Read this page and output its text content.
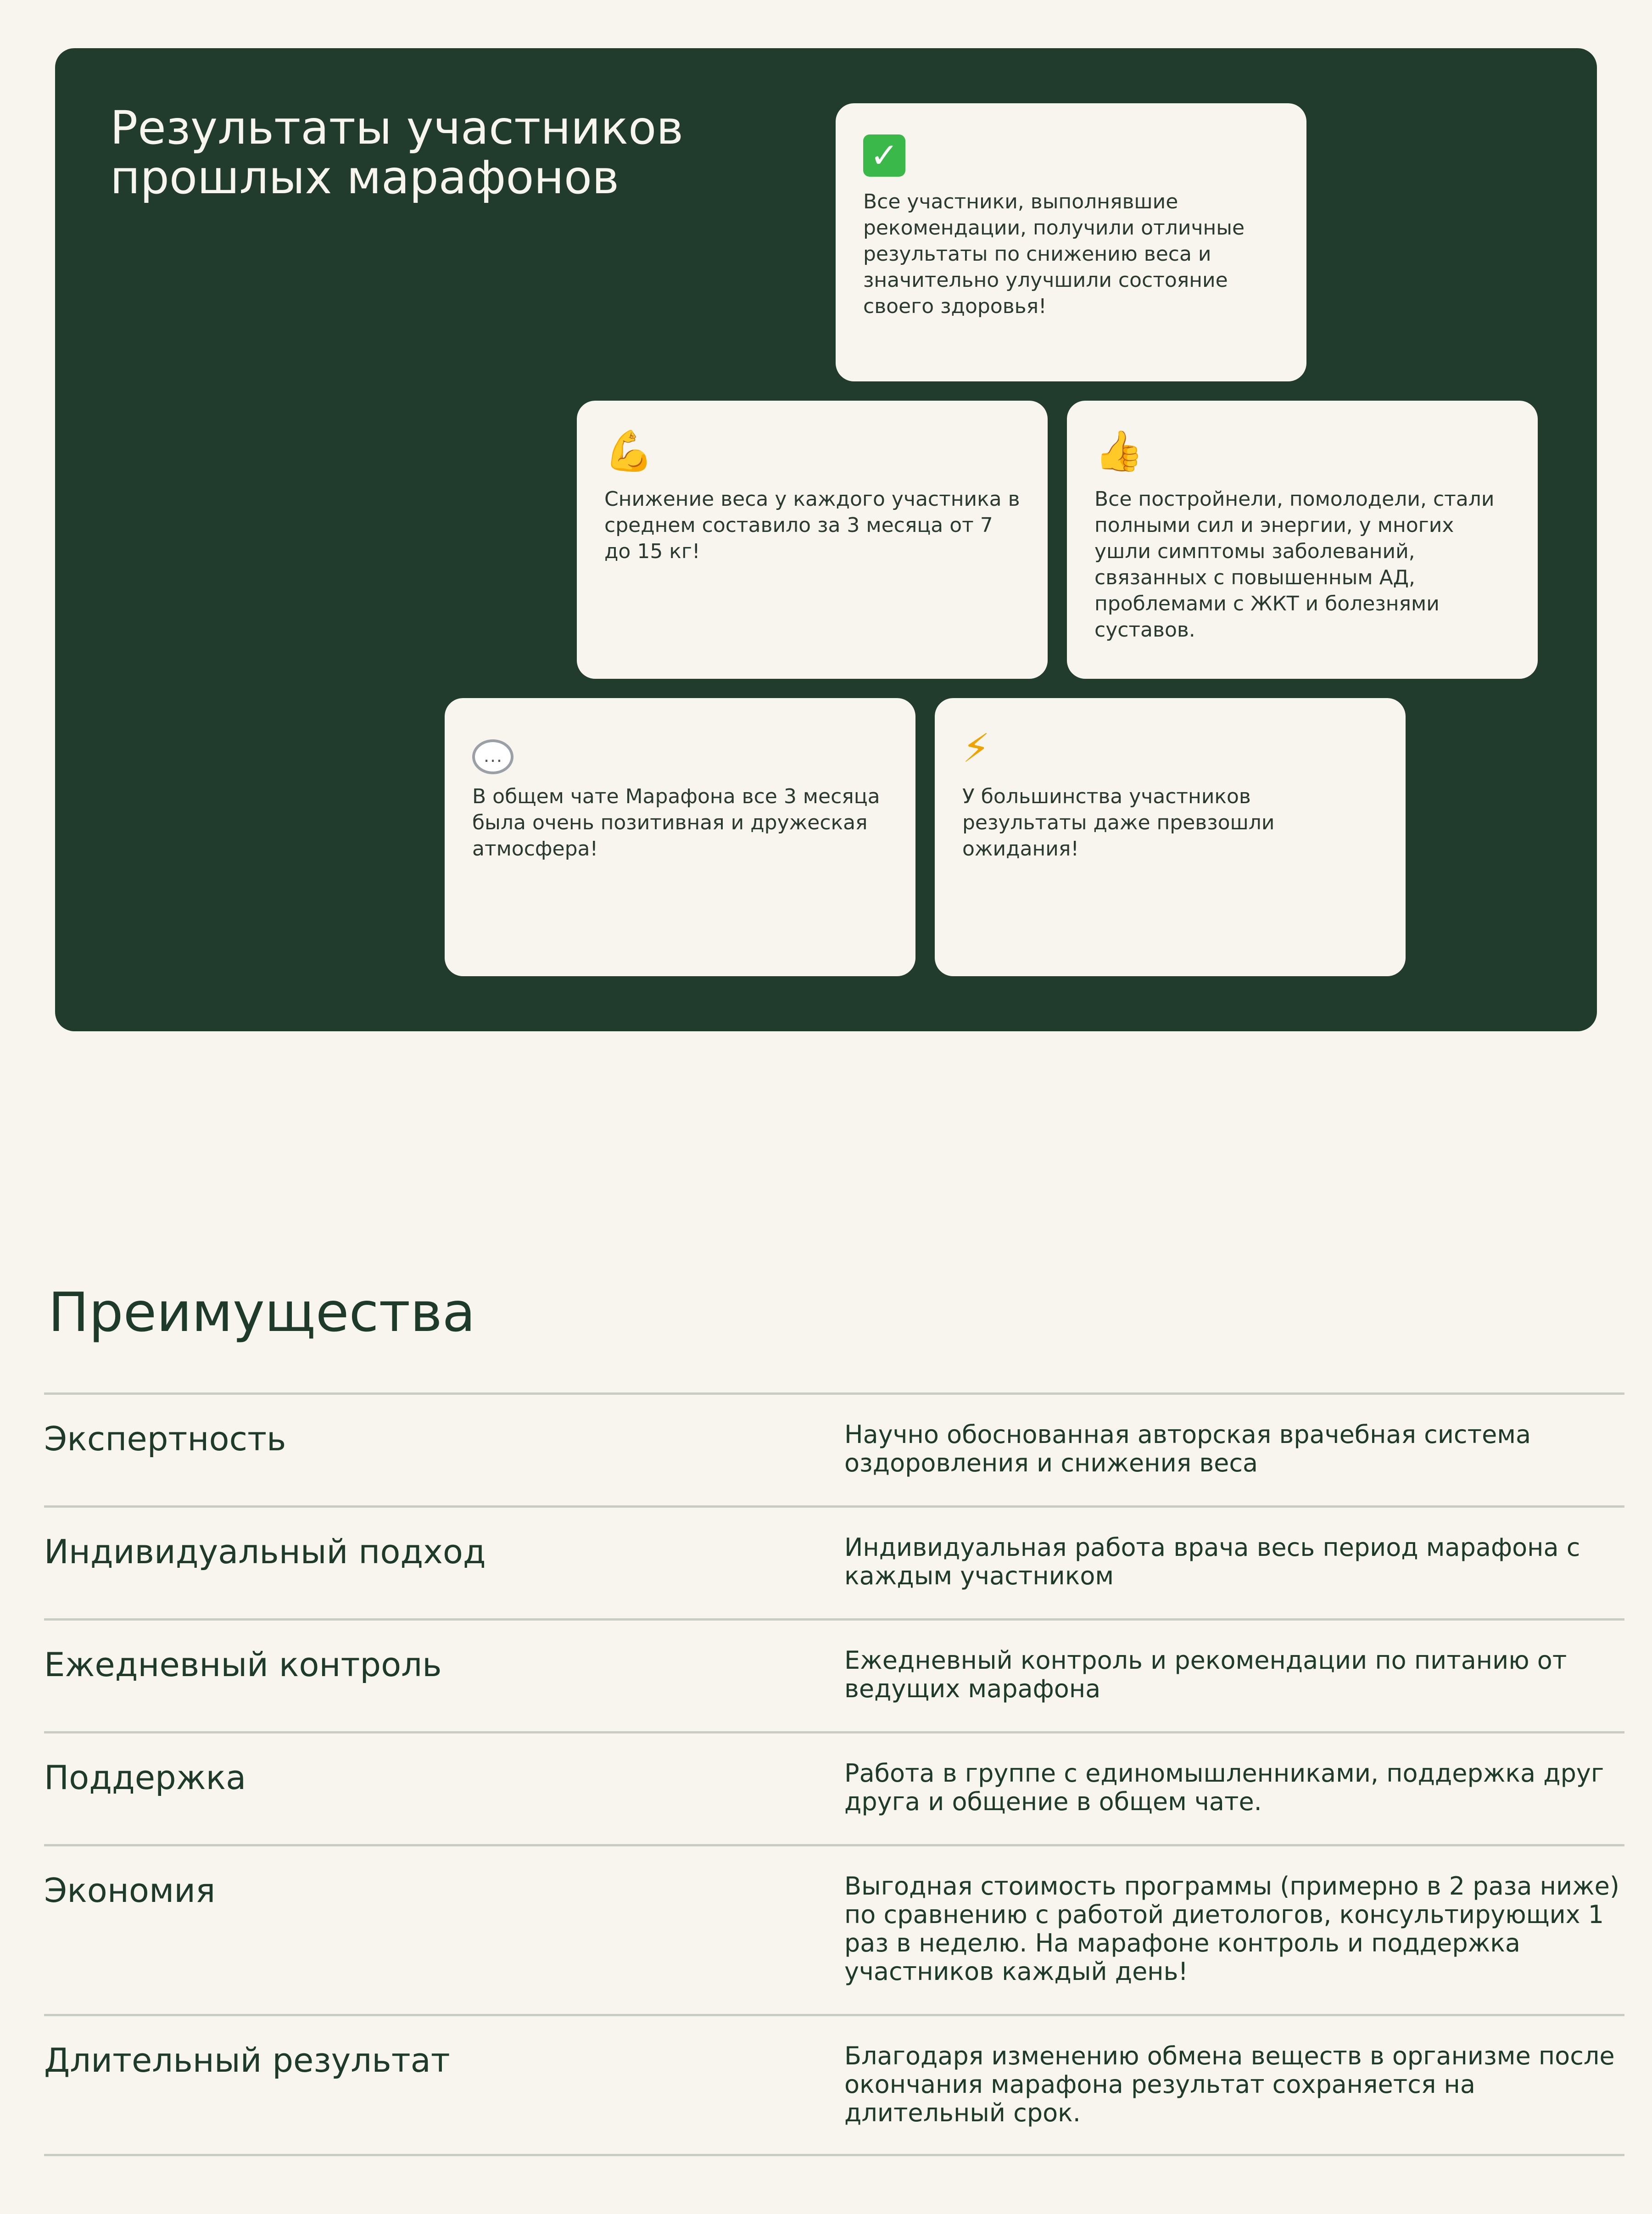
Результаты участников прошлых марафонов	✓
Все участники, выполнявшие рекомендации, получили отличные результаты по снижению веса и значительно улучшили состояние своего здоровья!
💪
Снижение веса у каждого участника в среднем составило за 3 месяца от 7 до 15 кг!
👍
Все постройнели, помолодели, стали полными сил и энергии, у многих ушли симптомы заболеваний, связанных с повышенным АД, проблемами с ЖКТ и болезнями суставов.
…
В общем чате Марафона все 3 месяца была очень позитивная и дружеская атмосфера!
⚡
У большинства участников результаты даже превзошли ожидания!
Преимущества
Экспертность	Научно обоснованная авторская врачебная система оздоровления и снижения веса
Индивидуальный подход	Индивидуальная работа врача весь период марафона с каждым участником
Ежедневный контроль	Ежедневный контроль и рекомендации по питанию от ведущих марафона
Поддержка	Работа в группе с единомышленниками, поддержка друг друга и общение в общем чате.
Экономия	Выгодная стоимость программы (примерно в 2 раза ниже) по сравнению с работой диетологов, консультирующих 1 раз в неделю. На марафоне контроль и поддержка участников каждый день!
Длительный результат	Благодаря изменению обмена веществ в организме после окончания марафона результат сохраняется на длительный срок.
